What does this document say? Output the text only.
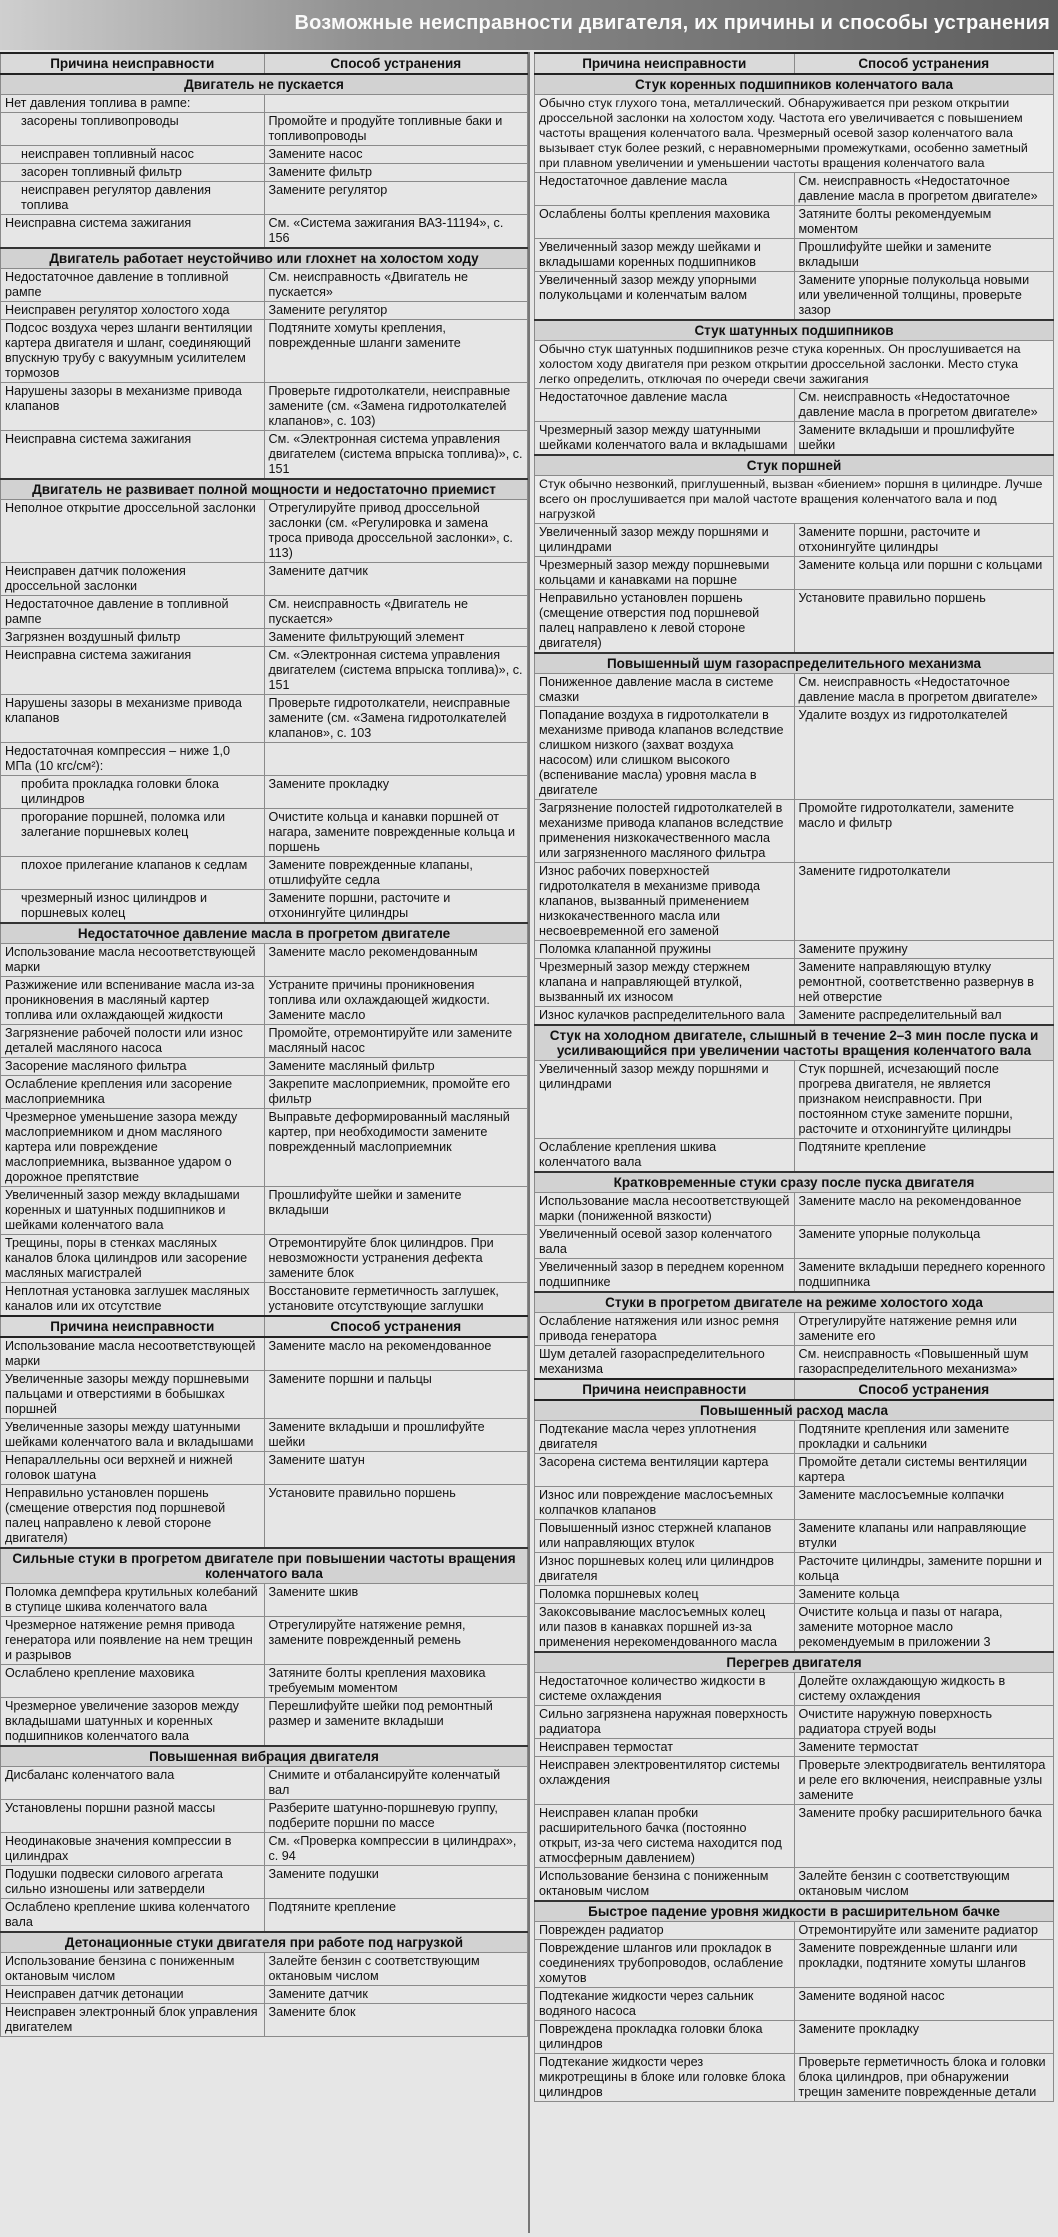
Возможные неисправности двигателя, их причины и способы устранения
Причина неисправности	Способ устранения
Двигатель не пускается	
Нет давления топлива в рампе:	
засорены топливопроводы	Промойте и продуйте топливные баки и топливопроводы
неисправен топливный насос	Замените насос
засорен топливный фильтр	Замените фильтр
неисправен регулятор давления топлива	Замените регулятор
Неисправна система зажигания	См. «Система зажигания ВАЗ-11194», с. 156
Двигатель работает неустойчиво или глохнет на холостом ходу	
Недостаточное давление в топливной рампе	См. неисправность «Двигатель не пускается»
Неисправен регулятор холостого хода	Замените регулятор
Подсос воздуха через шланги вентиляции картера двигателя и шланг, соединяющий впускную трубу с вакуумным усилителем тормозов	Подтяните хомуты крепления, поврежденные шланги замените
Нарушены зазоры в механизме привода клапанов	Проверьте гидротолкатели, неисправные замените (см. «Замена гидротолкателей клапанов», с. 103)
Неисправна система зажигания	См. «Электронная система управления двигателем (система впрыска топлива)», с. 151
Двигатель не развивает полной мощности и недостаточно приемист	
Неполное открытие дроссельной заслонки	Отрегулируйте привод дроссельной заслонки (см. «Регулировка и замена троса привода дроссельной заслонки», с. 113)
Неисправен датчик положения дроссельной заслонки	Замените датчик
Недостаточное давление в топливной рампе	См. неисправность «Двигатель не пускается»
Загрязнен воздушный фильтр	Замените фильтрующий элемент
Неисправна система зажигания	См. «Электронная система управления двигателем (система впрыска топлива)», с. 151
Нарушены зазоры в механизме привода клапанов	Проверьте гидротолкатели, неисправные замените (см. «Замена гидротолкателей клапанов», с. 103
Недостаточная компрессия – ниже 1,0 МПа (10 кгс/см²):	
пробита прокладка головки блока цилиндров	Замените прокладку
прогорание поршней, поломка или залегание поршневых колец	Очистите кольца и канавки поршней от нагара, замените поврежденные кольца и поршень
плохое прилегание клапанов к седлам	Замените поврежденные клапаны, отшлифуйте седла
чрезмерный износ цилиндров и поршневых колец	Замените поршни, расточите и отхонингуйте цилиндры
Недостаточное давление масла в прогретом двигателе	
Использование масла несоответствующей марки	Замените масло рекомендованным
Разжижение или вспенивание масла из-за проникновения в масляный картер топлива или охлаждающей жидкости	Устраните причины проникновения топлива или охлаждающей жидкости. Замените масло
Загрязнение рабочей полости или износ деталей масляного насоса	Промойте, отремонтируйте или замените масляный насос
Засорение масляного фильтра	Замените масляный фильтр
Ослабление крепления или засорение маслоприемника	Закрепите маслоприемник, промойте его фильтр
Чрезмерное уменьшение зазора между маслоприемником и дном масляного картера или повреждение маслоприемника, вызванное ударом о дорожное препятствие	Выправьте деформированный масляный картер, при необходимости замените поврежденный маслоприемник
Увеличенный зазор между вкладышами коренных и шатунных подшипников и шейками коленчатого вала	Прошлифуйте шейки и замените вкладыши
Трещины, поры в стенках масляных каналов блока цилиндров или засорение масляных магистралей	Отремонтируйте блок цилиндров. При невозможности устранения дефекта замените блок
Неплотная установка заглушек масляных каналов или их отсутствие	Восстановите герметичность заглушек, установите отсутствующие заглушки
Причина неисправности	Способ устранения
Использование масла несоответствующей марки	Замените масло на рекомендованное
Увеличенные зазоры между поршневыми пальцами и отверстиями в бобышках поршней	Замените поршни и пальцы
Увеличенные зазоры между шатунными шейками коленчатого вала и вкладышами	Замените вкладыши и прошлифуйте шейки
Непараллельны оси верхней и нижней головок шатуна	Замените шатун
Неправильно установлен поршень (смещение отверстия под поршневой палец направлено к левой стороне двигателя)	Установите правильно поршень
Сильные стуки в прогретом двигателе при повышении частоты вращения коленчатого вала	
Поломка демпфера крутильных колебаний в ступице шкива коленчатого вала	Замените шкив
Чрезмерное натяжение ремня привода генератора или появление на нем трещин и разрывов	Отрегулируйте натяжение ремня, замените поврежденный ремень
Ослаблено крепление маховика	Затяните болты крепления маховика требуемым моментом
Чрезмерное увеличение зазоров между вкладышами шатунных и коренных подшипников коленчатого вала	Перешлифуйте шейки под ремонтный размер и замените вкладыши
Повышенная вибрация двигателя	
Дисбаланс коленчатого вала	Снимите и отбалансируйте коленчатый вал
Установлены поршни разной массы	Разберите шатунно-поршневую группу, подберите поршни по массе
Неодинаковые значения компрессии в цилиндрах	См. «Проверка компрессии в цилиндрах», с. 94
Подушки подвески силового агрегата сильно изношены или затвердели	Замените подушки
Ослаблено крепление шкива коленчатого вала	Подтяните крепление
Детонационные стуки двигателя при работе под нагрузкой	
Использование бензина с пониженным октановым числом	Залейте бензин с соответствующим октановым числом
Неисправен датчик детонации	Замените датчик
Неисправен электронный блок управления двигателем	Замените блок
Причина неисправности	Способ устранения
Стук коренных подшипников коленчатого вала	
Обычно стук глухого тона, металлический. Обнаруживается при резком открытии дроссельной заслонки на холостом ходу. Частота его увеличивается с повышением частоты вращения коленчатого вала. Чрезмерный осевой зазор коленчатого вала вызывает стук более резкий, с неравномерными промежутками, особенно заметный при плавном увеличении и уменьшении частоты вращения коленчатого вала	
Недостаточное давление масла	См. неисправность «Недостаточное давление масла в прогретом двигателе»
Ослаблены болты крепления маховика	Затяните болты рекомендуемым моментом
Увеличенный зазор между шейками и вкладышами коренных подшипников	Прошлифуйте шейки и замените вкладыши
Увеличенный зазор между упорными полукольцами и коленчатым валом	Замените упорные полукольца новыми или увеличенной толщины, проверьте зазор
Стук шатунных подшипников	
Обычно стук шатунных подшипников резче стука коренных. Он прослушивается на холостом ходу двигателя при резком открытии дроссельной заслонки. Место стука легко определить, отключая по очереди свечи зажигания	
Недостаточное давление масла	См. неисправность «Недостаточное давление масла в прогретом двигателе»
Чрезмерный зазор между шатунными шейками коленчатого вала и вкладышами	Замените вкладыши и прошлифуйте шейки
Стук поршней	
Стук обычно незвонкий, приглушенный, вызван «биением» поршня в цилиндре. Лучше всего он прослушивается при малой частоте вращения коленчатого вала и под нагрузкой	
Увеличенный зазор между поршнями и цилиндрами	Замените поршни, расточите и отхонингуйте цилиндры
Чрезмерный зазор между поршневыми кольцами и канавками на поршне	Замените кольца или поршни с кольцами
Неправильно установлен поршень (смещение отверстия под поршневой палец направлено к левой стороне двигателя)	Установите правильно поршень
Повышенный шум газораспределительного механизма	
Пониженное давление масла в системе смазки	См. неисправность «Недостаточное давление масла в прогретом двигателе»
Попадание воздуха в гидротолкатели в механизме привода клапанов вследствие слишком низкого (захват воздуха насосом) или слишком высокого (вспенивание масла) уровня масла в двигателе	Удалите воздух из гидротолкателей
Загрязнение полостей гидротолкателей в механизме привода клапанов вследствие применения низкокачественного масла или загрязненного масляного фильтра	Промойте гидротолкатели, замените масло и фильтр
Износ рабочих поверхностей гидротолкателя в механизме привода клапанов, вызванный применением низкокачественного масла или несвоевременной его заменой	Замените гидротолкатели
Поломка клапанной пружины	Замените пружину
Чрезмерный зазор между стержнем клапана и направляющей втулкой, вызванный их износом	Замените направляющую втулку ремонтной, соответственно развернув в ней отверстие
Износ кулачков распределительного вала	Замените распределительный вал
Стук на холодном двигателе, слышный в течение 2–3 мин после пуска и усиливающийся при увеличении частоты вращения коленчатого вала	
Увеличенный зазор между поршнями и цилиндрами	Стук поршней, исчезающий после прогрева двигателя, не является признаком неисправности. При постоянном стуке замените поршни, расточите и отхонингуйте цилиндры
Ослабление крепления шкива коленчатого вала	Подтяните крепление
Кратковременные стуки сразу после пуска двигателя	
Использование масла несоответствующей марки (пониженной вязкости)	Замените масло на рекомендованное
Увеличенный осевой зазор коленчатого вала	Замените упорные полукольца
Увеличенный зазор в переднем коренном подшипнике	Замените вкладыши переднего коренного подшипника
Стуки в прогретом двигателе на режиме холостого хода	
Ослабление натяжения или износ ремня привода генератора	Отрегулируйте натяжение ремня или замените его
Шум деталей газораспределительного механизма	См. неисправность «Повышенный шум газораспределительного механизма»
Причина неисправности	Способ устранения
Повышенный расход масла	
Подтекание масла через уплотнения двигателя	Подтяните крепления или замените прокладки и сальники
Засорена система вентиляции картера	Промойте детали системы вентиляции картера
Износ или повреждение маслосъемных колпачков клапанов	Замените маслосъемные колпачки
Повышенный износ стержней клапанов или направляющих втулок	Замените клапаны или направляющие втулки
Износ поршневых колец или цилиндров двигателя	Расточите цилиндры, замените поршни и кольца
Поломка поршневых колец	Замените кольца
Закоксовывание маслосъемных колец или пазов в канавках поршней из-за применения нерекомендованного масла	Очистите кольца и пазы от нагара, замените моторное масло рекомендуемым в приложении 3
Перегрев двигателя	
Недостаточное количество жидкости в системе охлаждения	Долейте охлаждающую жидкость в систему охлаждения
Сильно загрязнена наружная поверхность радиатора	Очистите наружную поверхность радиатора струей воды
Неисправен термостат	Замените термостат
Неисправен электровентилятор системы охлаждения	Проверьте электродвигатель вентилятора и реле его включения, неисправные узлы замените
Неисправен клапан пробки расширительного бачка (постоянно открыт, из-за чего система находится под атмосферным давлением)	Замените пробку расширительного бачка
Использование бензина с пониженным октановым числом	Залейте бензин с соответствующим октановым числом
Быстрое падение уровня жидкости в расширительном бачке	
Поврежден радиатор	Отремонтируйте или замените радиатор
Повреждение шлангов или прокладок в соединениях трубопроводов, ослабление хомутов	Замените поврежденные шланги или прокладки, подтяните хомуты шлангов
Подтекание жидкости через сальник водяного насоса	Замените водяной насос
Повреждена прокладка головки блока цилиндров	Замените прокладку
Подтекание жидкости через микротрещины в блоке или головке блока цилиндров	Проверьте герметичность блока и головки блока цилиндров, при обнаружении трещин замените поврежденные детали
